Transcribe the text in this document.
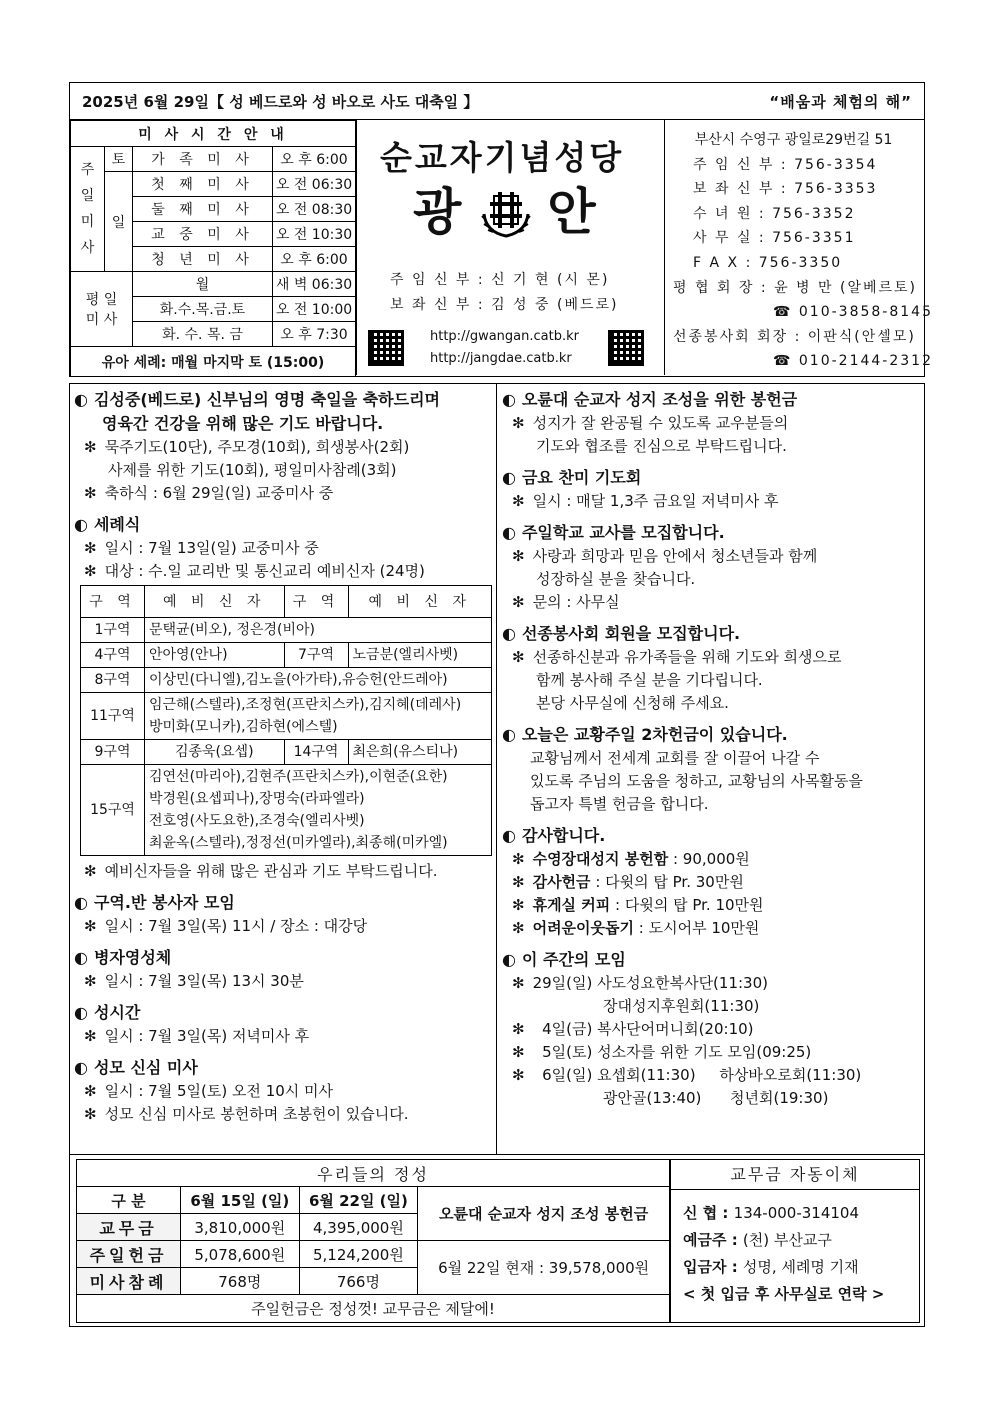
2025년 6월 29일【 성 베드로와 성 바오로 사도 대축일 】	“배움과 체험의 해”
미 사 시 간 안 내			
주
일
미
사	토	가 족 미 사	오 후 6:00
	일	첫 째 미 사	오 전 06:30
		둘 째 미 사	오 전 08:30
		교 중 미 사	오 전 10:30
		청 년 미 사	오 후 6:00
평 일
미 사		월	새 벽 06:30
		화.수.목.금.토	오 전 10:00
		화. 수. 목. 금	오 후 7:30
유아 세례: 매월 마지막 토 (15:00)			
순교자기념성당
광 안
주 임 신 부 : 신 기 현 (시 몬)
보 좌 신 부 : 김 성 중 (베드로)
http://gwangan.catb.kr
http://jangdae.catb.kr
부산시 수영구 광일로29번길 51
주 임 신 부 : 756-3354
보 좌 신 부 : 756-3353
수 녀 원 : 756-3352
사 무 실 : 756-3351
F A X : 756-3350
평 협 회 장 : 윤 병 만 (알베르토)
☎ 010-3858-8145
선종봉사회 회장 : 이판식(안셀모)
☎ 010-2144-2312
◐ 김성중(베드로) 신부님의 영명 축일을 축하드리며
영육간 건강을 위해 많은 기도 바랍니다.
✻ 묵주기도(10단), 주모경(10회), 희생봉사(2회)
사제를 위한 기도(10회), 평일미사참례(3회)
✻ 축하식 : 6월 29일(일) 교중미사 중
◐ 세례식
✻ 일시 : 7월 13일(일) 교중미사 중
✻ 대상 : 수.일 교리반 및 통신교리 예비신자 (24명)
구 역	예 비 신 자	구 역	예 비 신 자
1구역	문택균(비오), 정은경(비아)		
4구역	안아영(안나)	7구역	노금분(엘리사벳)
8구역	이상민(다니엘),김노을(아가타),유승헌(안드레아)		
11구역	임근해(스텔라),조정현(프란치스카),김지혜(데레사)
방미화(모니카),김하현(에스텔)		

9구역	김종욱(요셉)	14구역	최은희(유스티나)
15구역	김연선(마리아),김현주(프란치스카),이현준(요한)
박경원(요셉피나),장명숙(라파엘라)
전호영(사도요한),조경숙(엘리사벳)
최윤옥(스텔라),정정선(미카엘라),최종해(미카엘)		
✻ 예비신자들을 위해 많은 관심과 기도 부탁드립니다.
◐ 구역.반 봉사자 모임
✻ 일시 : 7월 3일(목) 11시 / 장소 : 대강당
◐ 병자영성체
✻ 일시 : 7월 3일(목) 13시 30분
◐ 성시간
✻ 일시 : 7월 3일(목) 저녁미사 후
◐ 성모 신심 미사
✻ 일시 : 7월 5일(토) 오전 10시 미사
✻ 성모 신심 미사로 봉헌하며 초봉헌이 있습니다.
◐ 오륜대 순교자 성지 조성을 위한 봉헌금
✻ 성지가 잘 완공될 수 있도록 교우분들의
기도와 협조를 진심으로 부탁드립니다.
◐ 금요 찬미 기도회
✻ 일시 : 매달 1,3주 금요일 저녁미사 후
◐ 주일학교 교사를 모집합니다.
✻ 사랑과 희망과 믿음 안에서 청소년들과 함께
성장하실 분을 찾습니다.
✻ 문의 : 사무실
◐ 선종봉사회 회원을 모집합니다.
✻ 선종하신분과 유가족들을 위해 기도와 희생으로
함께 봉사해 주실 분을 기다립니다.
본당 사무실에 신청해 주세요.
◐ 오늘은 교황주일 2차헌금이 있습니다.
교황님께서 전세계 교회를 잘 이끌어 나갈 수
있도록 주님의 도움을 청하고, 교황님의 사목활동을
돕고자 특별 헌금을 합니다.
◐ 감사합니다.
✻ 수영장대성지 봉헌함 : 90,000원
✻ 감사헌금 : 다윗의 탑 Pr. 30만원
✻ 휴게실 커피 : 다윗의 탑 Pr. 10만원
✻ 어려운이웃돕기 : 도시어부 10만원
◐ 이 주간의 모임
✻ 29일(일) 사도성요한복사단(11:30)
장대성지후원회(11:30)
✻ 4일(금) 복사단어머니회(20:10)
✻ 5일(토) 성소자를 위한 기도 모임(09:25)
✻ 6일(일) 요셉회(11:30) 하상바오로회(11:30)
광안골(13:40) 청년회(19:30)
우리들의 정성			
구 분	6월 15일 (일)	6월 22일 (일)	오륜대 순교자 성지 조성 봉헌금
교무금	3,810,000원	4,395,000원	
주일헌금	5,078,600원	5,124,200원	6월 22일 현재 : 39,578,000원
미사참례	768명	766명	
주일헌금은 정성껏! 교무금은 제달에!			
교무금 자동이체
신 협 : 134-000-314104
예금주 : (천) 부산교구
입금자 : 성명, 세례명 기재
< 첫 입금 후 사무실로 연락 >
